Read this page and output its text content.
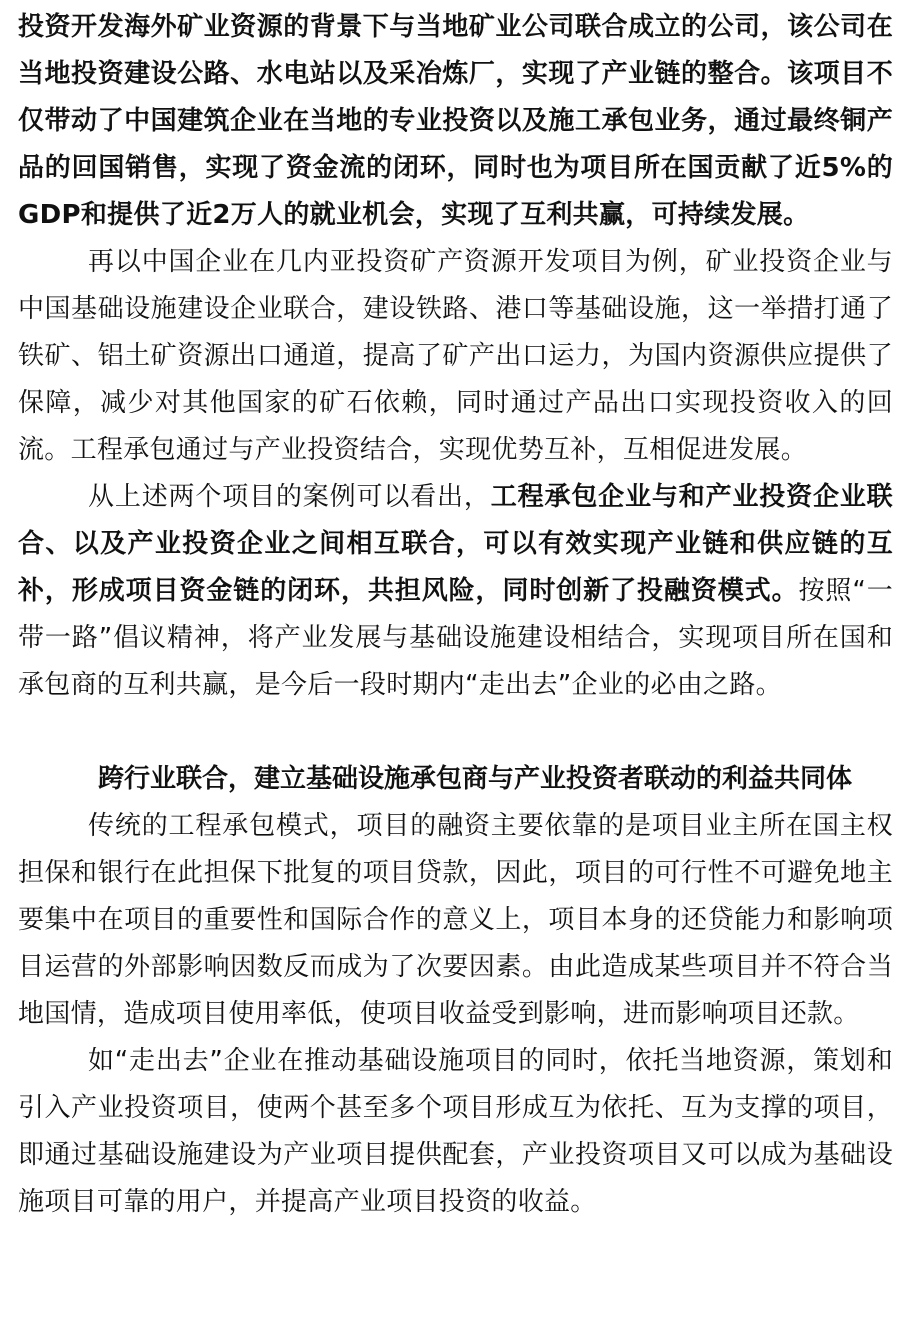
投资开发海外矿业资源的背景下与当地矿业公司联合成立的公司，该公司在当地投资建设公路、水电站以及采冶炼厂，实现了产业链的整合。该项目不仅带动了中国建筑企业在当地的专业投资以及施工承包业务，通过最终铜产品的回国销售，实现了资金流的闭环，同时也为项目所在国贡献了近5%的GDP和提供了近2万人的就业机会，实现了互利共赢，可持续发展。

再以中国企业在几内亚投资矿产资源开发项目为例，矿业投资企业与中国基础设施建设企业联合，建设铁路、港口等基础设施，这一举措打通了铁矿、铝土矿资源出口通道，提高了矿产出口运力，为国内资源供应提供了保障，减少对其他国家的矿石依赖，同时通过产品出口实现投资收入的回流。工程承包通过与产业投资结合，实现优势互补，互相促进发展。

从上述两个项目的案例可以看出，工程承包企业与和产业投资企业联合、以及产业投资企业之间相互联合，可以有效实现产业链和供应链的互补，形成项目资金链的闭环，共担风险，同时创新了投融资模式。按照“一带一路”倡议精神，将产业发展与基础设施建设相结合，实现项目所在国和承包商的互利共赢，是今后一段时期内“走出去”企业的必由之路。

跨行业联合，建立基础设施承包商与产业投资者联动的利益共同体

传统的工程承包模式，项目的融资主要依靠的是项目业主所在国主权担保和银行在此担保下批复的项目贷款，因此，项目的可行性不可避免地主要集中在项目的重要性和国际合作的意义上，项目本身的还贷能力和影响项目运营的外部影响因数反而成为了次要因素。由此造成某些项目并不符合当地国情，造成项目使用率低，使项目收益受到影响，进而影响项目还款。

如“走出去”企业在推动基础设施项目的同时，依托当地资源，策划和引入产业投资项目，使两个甚至多个项目形成互为依托、互为支撑的项目，即通过基础设施建设为产业项目提供配套，产业投资项目又可以成为基础设施项目可靠的用户，并提高产业项目投资的收益。
